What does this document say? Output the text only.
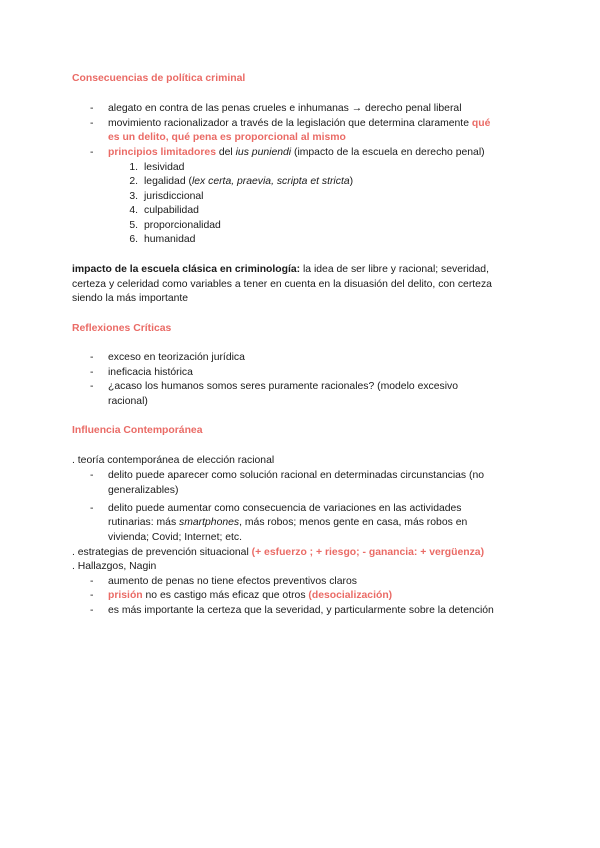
Consecuencias de política criminal
- alegato en contra de las penas crueles e inhumanas → derecho penal liberal
- movimiento racionalizador a través de la legislación que determina claramente qué
es un delito, qué pena es proporcional al mismo
- principios limitadores del ius puniendi (impacto de la escuela en derecho penal)
1. lesividad
2. legalidad (lex certa, praevia, scripta et stricta)
3. jurisdiccional
4. culpabilidad
5. proporcionalidad
6. humanidad
impacto de la escuela clásica en criminología: la idea de ser libre y racional; severidad,
certeza y celeridad como variables a tener en cuenta en la disuasión del delito, con certeza
siendo la más importante
Reflexiones Críticas
- exceso en teorización jurídica
- ineficacia histórica
- ¿acaso los humanos somos seres puramente racionales? (modelo excesivo
racional)
Influencia Contemporánea
. teoría contemporánea de elección racional
- delito puede aparecer como solución racional en determinadas circunstancias (no
generalizables)
- delito puede aumentar como consecuencia de variaciones en las actividades
rutinarias: más smartphones, más robos; menos gente en casa, más robos en
vivienda; Covid; Internet; etc.
. estrategias de prevención situacional (+ esfuerzo ; + riesgo; - ganancia: + vergüenza)
. Hallazgos, Nagin
- aumento de penas no tiene efectos preventivos claros
- prisión no es castigo más eficaz que otros (desocialización)
- es más importante la certeza que la severidad, y particularmente sobre la detención
